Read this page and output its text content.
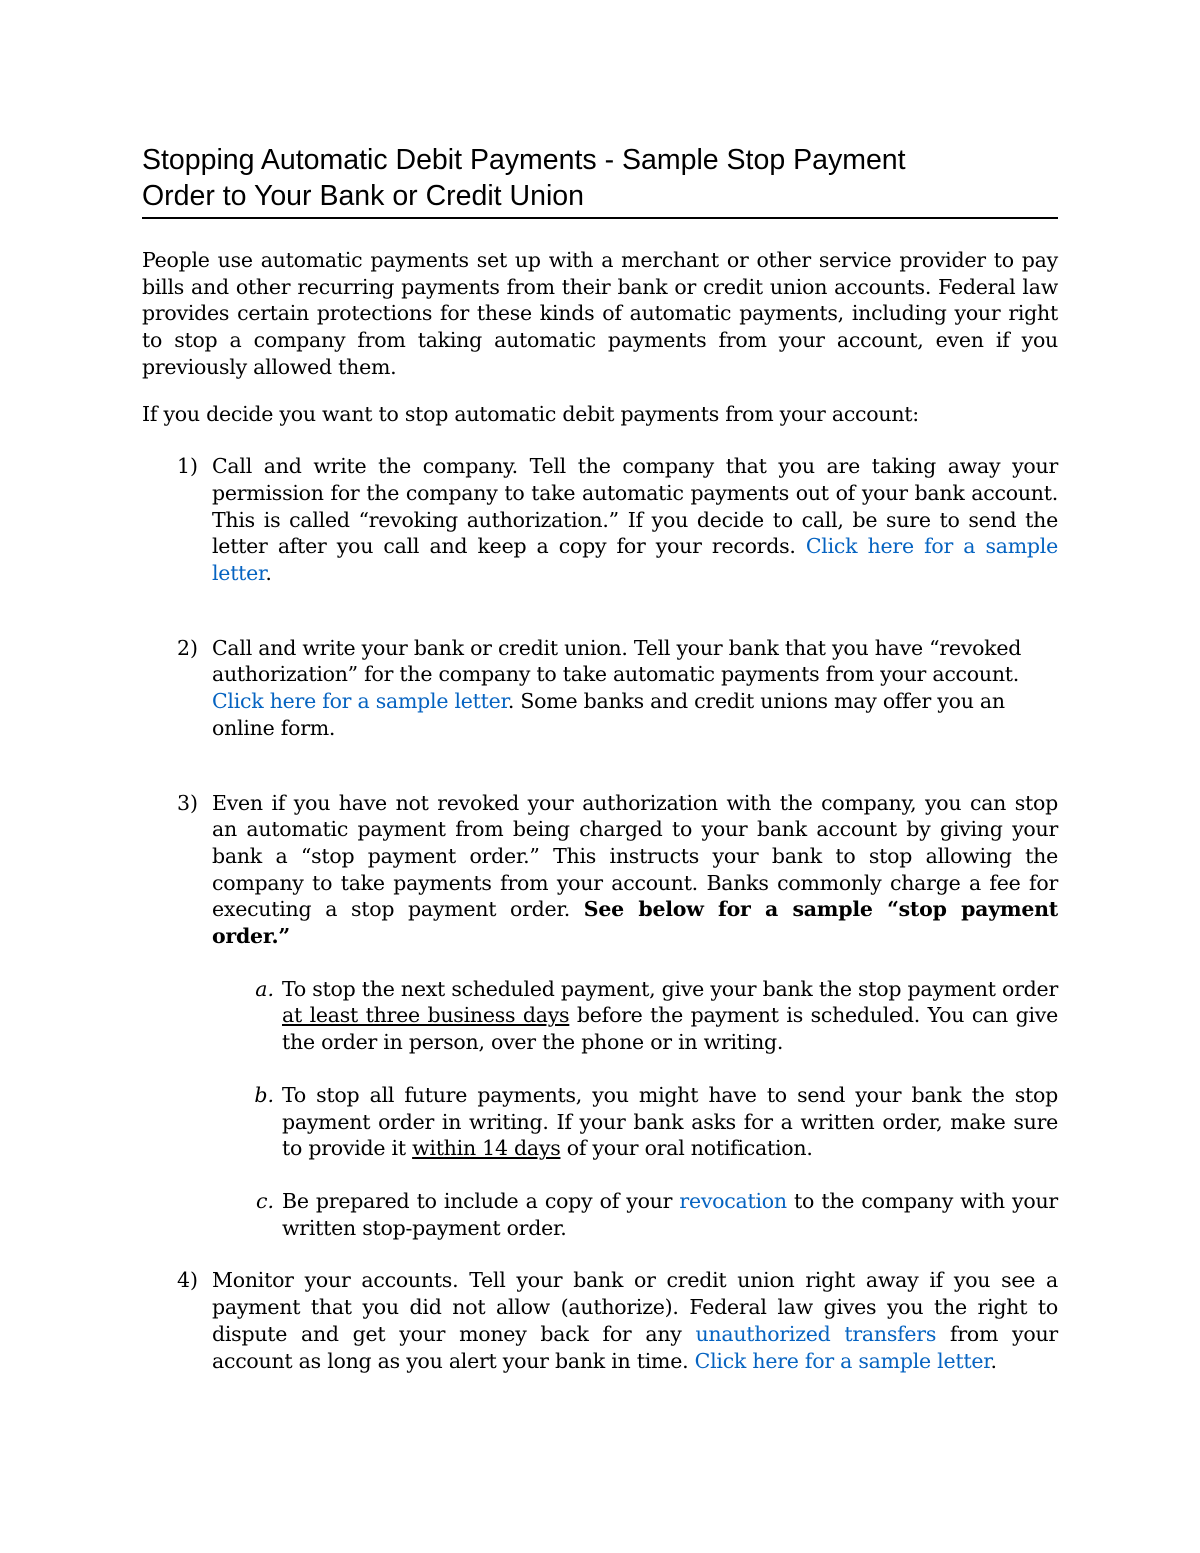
Stopping Automatic Debit Payments - Sample Stop Payment
Order to Your Bank or Credit Union

People use automatic payments set up with a merchant or other service provider to pay bills and other recurring payments from their bank or credit union accounts. Federal law provides certain protections for these kinds of automatic payments, including your right to stop a company from taking automatic payments from your account, even if you previously allowed them.

If you decide you want to stop automatic debit payments from your account:

1) Call and write the company. Tell the company that you are taking away your permission for the company to take automatic payments out of your bank account. This is called “revoking authorization.” If you decide to call, be sure to send the letter after you call and keep a copy for your records. Click here for a sample letter.
2) Call and write your bank or credit union. Tell your bank that you have “revoked authorization” for the company to take automatic payments from your account. Click here for a sample letter. Some banks and credit unions may offer you an online form.
3) Even if you have not revoked your authorization with the company, you can stop an automatic payment from being charged to your bank account by giving your bank a “stop payment order.” This instructs your bank to stop allowing the company to take payments from your account. Banks commonly charge a fee for executing a stop payment order. See below for a sample “stop payment order.”
a. To stop the next scheduled payment, give your bank the stop payment order at least three business days before the payment is scheduled. You can give the order in person, over the phone or in writing.
b. To stop all future payments, you might have to send your bank the stop payment order in writing. If your bank asks for a written order, make sure to provide it within 14 days of your oral notification.
c. Be prepared to include a copy of your revocation to the company with your written stop-payment order.
4) Monitor your accounts. Tell your bank or credit union right away if you see a payment that you did not allow (authorize). Federal law gives you the right to dispute and get your money back for any unauthorized transfers from your account as long as you alert your bank in time. Click here for a sample letter.
